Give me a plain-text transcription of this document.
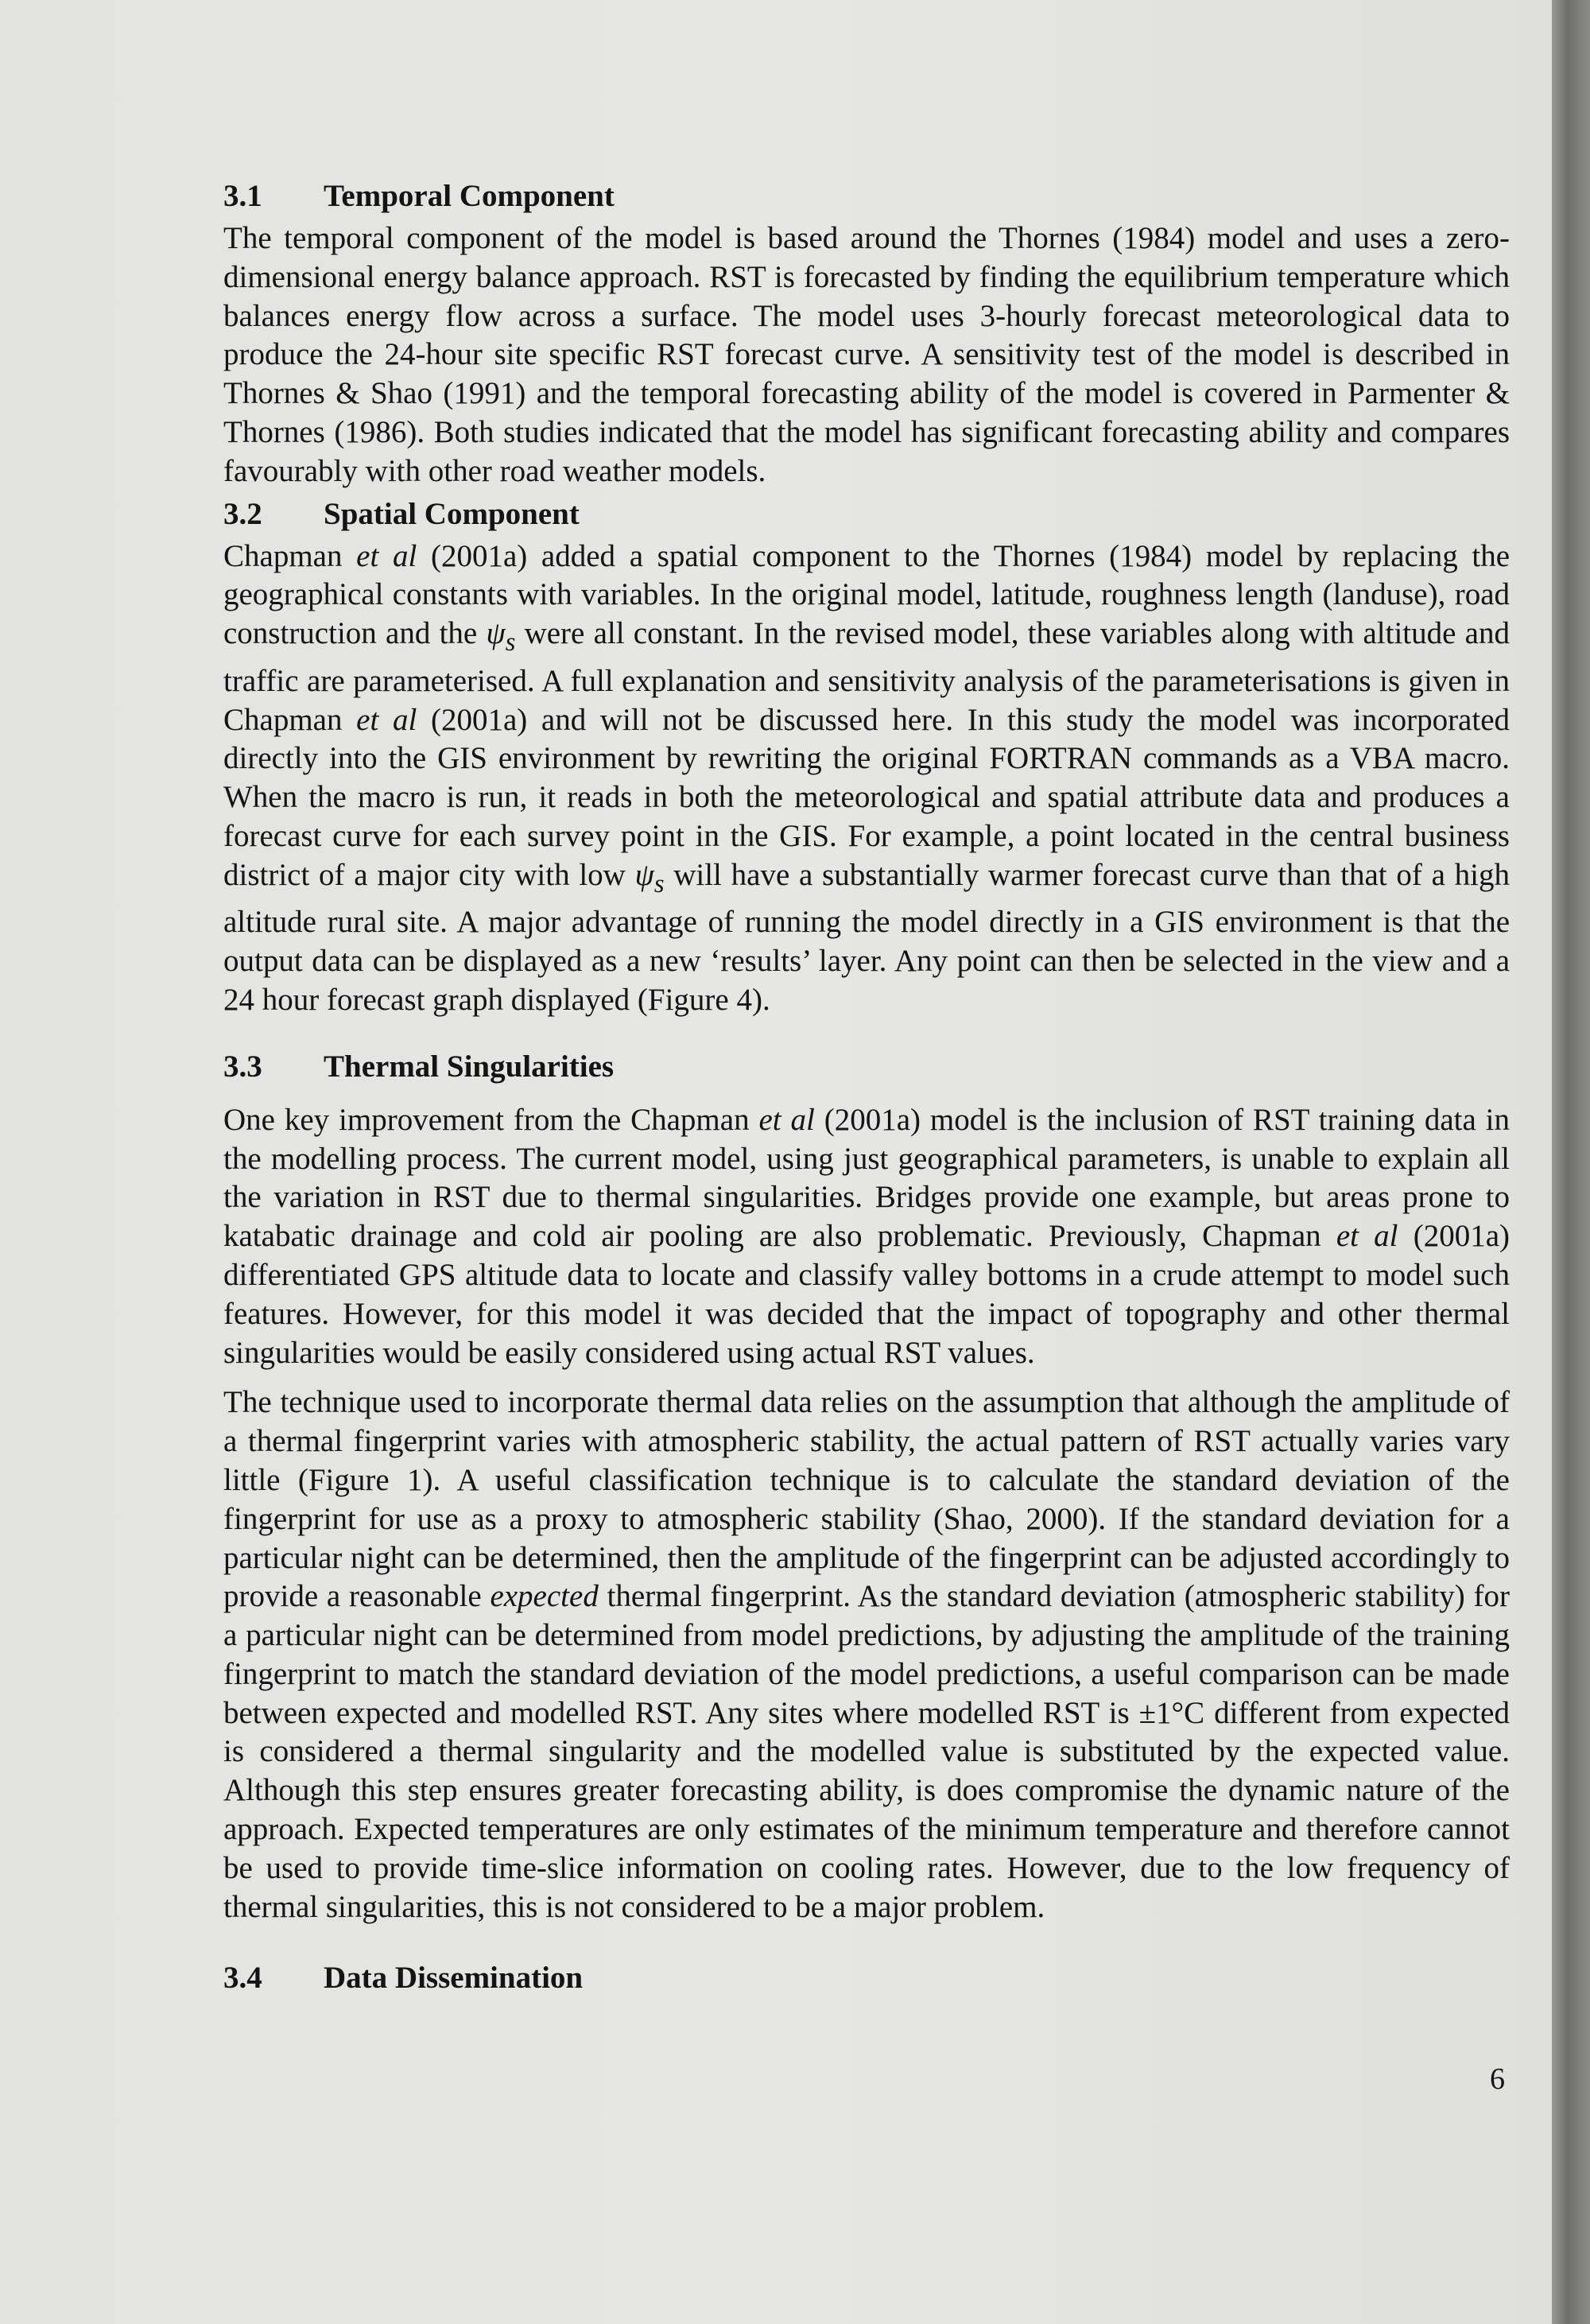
3.1	Temporal Component

The temporal component of the model is based around the Thornes (1984) model and uses a zero-dimensional energy balance approach. RST is forecasted by finding the equilibrium temperature which balances energy flow across a surface. The model uses 3-hourly forecast meteorological data to produce the 24-hour site specific RST forecast curve. A sensitivity test of the model is described in Thornes & Shao (1991) and the temporal forecasting ability of the model is covered in Parmenter & Thornes (1986). Both studies indicated that the model has significant forecasting ability and compares favourably with other road weather models.

3.2	Spatial Component

Chapman et al (2001a) added a spatial component to the Thornes (1984) model by replacing the geographical constants with variables. In the original model, latitude, roughness length (landuse), road construction and the $\psi_s$ were all constant. In the revised model, these variables along with altitude and traffic are parameterised. A full explanation and sensitivity analysis of the parameterisations is given in Chapman et al (2001a) and will not be discussed here. In this study the model was incorporated directly into the GIS environment by rewriting the original FORTRAN commands as a VBA macro. When the macro is run, it reads in both the meteorological and spatial attribute data and produces a forecast curve for each survey point in the GIS. For example, a point located in the central business district of a major city with low $\psi_s$ will have a substantially warmer forecast curve than that of a high altitude rural site. A major advantage of running the model directly in a GIS environment is that the output data can be displayed as a new ‘results’ layer. Any point can then be selected in the view and a 24 hour forecast graph displayed (Figure 4).

3.3	Thermal Singularities

One key improvement from the Chapman et al (2001a) model is the inclusion of RST training data in the modelling process. The current model, using just geographical parameters, is unable to explain all the variation in RST due to thermal singularities. Bridges provide one example, but areas prone to katabatic drainage and cold air pooling are also problematic. Previously, Chapman et al (2001a) differentiated GPS altitude data to locate and classify valley bottoms in a crude attempt to model such features. However, for this model it was decided that the impact of topography and other thermal singularities would be easily considered using actual RST values.

The technique used to incorporate thermal data relies on the assumption that although the amplitude of a thermal fingerprint varies with atmospheric stability, the actual pattern of RST actually varies vary little (Figure 1). A useful classification technique is to calculate the standard deviation of the fingerprint for use as a proxy to atmospheric stability (Shao, 2000). If the standard deviation for a particular night can be determined, then the amplitude of the fingerprint can be adjusted accordingly to provide a reasonable expected thermal fingerprint. As the standard deviation (atmospheric stability) for a particular night can be determined from model predictions, by adjusting the amplitude of the training fingerprint to match the standard deviation of the model predictions, a useful comparison can be made between expected and modelled RST. Any sites where modelled RST is ±1°C different from expected is considered a thermal singularity and the modelled value is substituted by the expected value. Although this step ensures greater forecasting ability, is does compromise the dynamic nature of the approach. Expected temperatures are only estimates of the minimum temperature and therefore cannot be used to provide time-slice information on cooling rates. However, due to the low frequency of thermal singularities, this is not considered to be a major problem.

3.4	Data Dissemination
6
